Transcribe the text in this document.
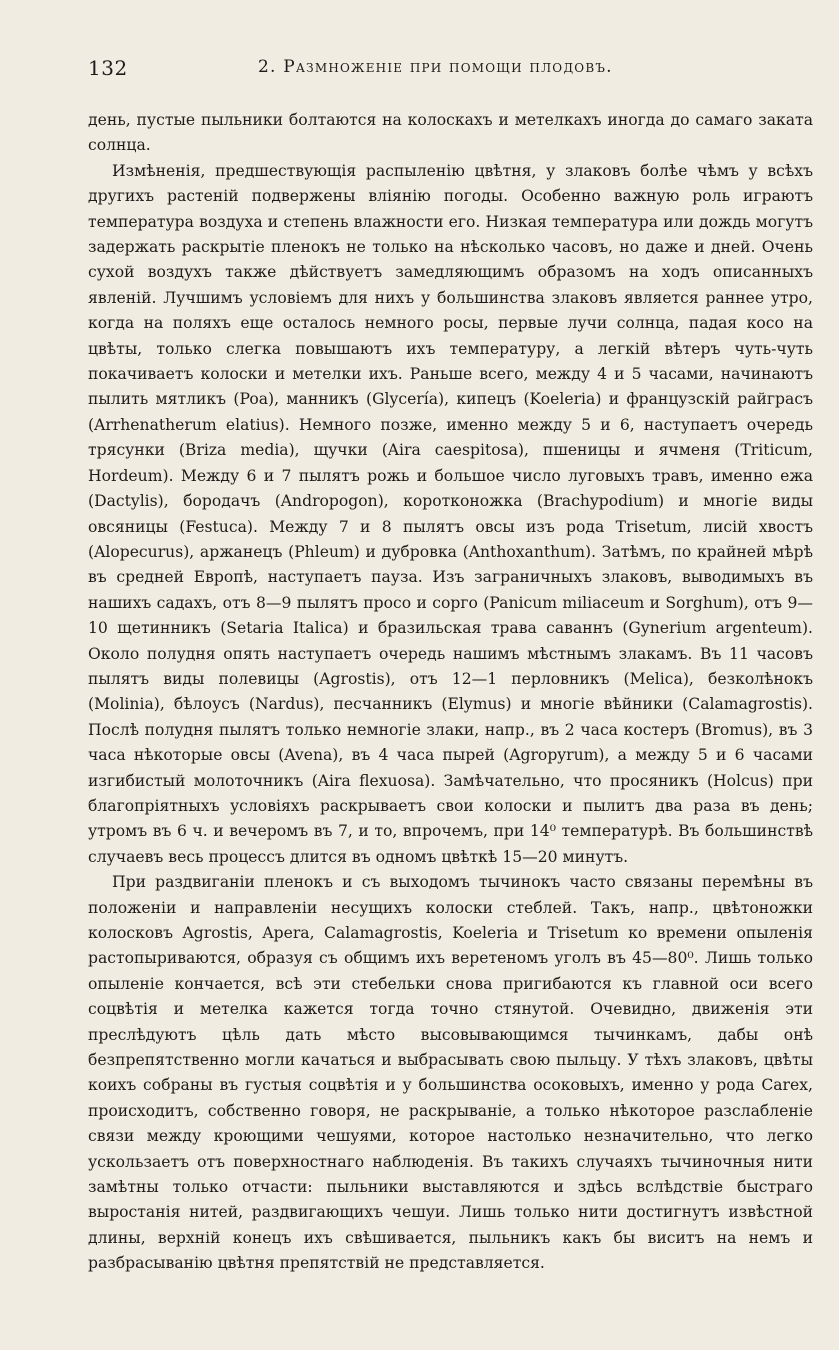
132	2. Размноженіе при помощи плодовъ.

день, пустые пыльники болтаются на колоскахъ и метелкахъ иногда до самаго заката солнца.

Измѣненія, предшествующія распыленію цвѣтня, у злаковъ болѣе чѣмъ у всѣхъ другихъ растеній подвержены вліянію погоды. Особенно важную роль играютъ температура воздуха и степень влажности его. Низкая температура или дождь могутъ задержать раскрытіе пленокъ не только на нѣсколько часовъ, но даже и дней. Очень сухой воздухъ также дѣйствуетъ замедляющимъ образомъ на ходъ описанныхъ явленій. Лучшимъ условіемъ для нихъ у большинства злаковъ является раннее утро, когда на поляхъ еще осталось немного росы, первые лучи солнца, падая косо на цвѣты, только слегка повышаютъ ихъ температуру, а легкій вѣтеръ чуть-чуть покачиваетъ колоски и метелки ихъ. Раньше всего, между 4 и 5 часами, начинаютъ пылить мятликъ (Poa), манникъ (Glycería), кипецъ (Koeleria) и французскій райграсъ (Arrhenatherum elatius). Немного позже, именно между 5 и 6, наступаетъ очередь трясунки (Briza media), щучки (Aira caespitosa), пшеницы и ячменя (Triticum, Hordeum). Между 6 и 7 пылятъ рожь и большое число луговыхъ травъ, именно ежа (Dactylis), бородачъ (Andropogon), коротконожка (Brachypodium) и многіе виды овсяницы (Festuca). Между 7 и 8 пылятъ овсы изъ рода Trisetum, лисій хвостъ (Alopecurus), аржанецъ (Phleum) и дубровка (Anthoxanthum). Затѣмъ, по крайней мѣрѣ въ средней Европѣ, наступаетъ пауза. Изъ заграничныхъ злаковъ, выводимыхъ въ нашихъ садахъ, отъ 8—9 пылятъ просо и сорго (Panicum miliaceum и Sorghum), отъ 9—10 щетинникъ (Setaria Italica) и бразильская трава саваннъ (Gynerium argenteum). Около полудня опять наступаетъ очередь нашимъ мѣстнымъ злакамъ. Въ 11 часовъ пылятъ виды полевицы (Agrostis), отъ 12—1 перловникъ (Melica), безколѣнокъ (Molinia), бѣлоусъ (Nardus), песчанникъ (Elymus) и многіе вѣйники (Calamagrostis). Послѣ полудня пылятъ только немногіе злаки, напр., въ 2 часа костеръ (Bromus), въ 3 часа нѣкоторые овсы (Avena), въ 4 часа пырей (Agropyrum), а между 5 и 6 часами изгибистый молоточникъ (Aira flexuosa). Замѣчательно, что просяникъ (Holcus) при благопріятныхъ условіяхъ раскрываетъ свои колоски и пылитъ два раза въ день; утромъ въ 6 ч. и вечеромъ въ 7, и то, впрочемъ, при 14⁰ температурѣ. Въ большинствѣ случаевъ весь процессъ длится въ одномъ цвѣткѣ 15—20 минутъ.

При раздвиганіи пленокъ и съ выходомъ тычинокъ часто связаны перемѣны въ положеніи и направленіи несущихъ колоски стеблей. Такъ, напр., цвѣтоножки колосковъ Agrostis, Apera, Calamagrostis, Koeleria и Trisetum ко времени опыленія растопыриваются, образуя съ общимъ ихъ веретеномъ уголъ въ 45—80⁰. Лишь только опыленіе кончается, всѣ эти стебельки снова пригибаются къ главной оси всего соцвѣтія и метелка кажется тогда точно стянутой. Очевидно, движенія эти преслѣдуютъ цѣль дать мѣсто высовывающимся тычинкамъ, дабы онѣ безпрепятственно могли качаться и выбрасывать свою пыльцу. У тѣхъ злаковъ, цвѣты коихъ собраны въ густыя соцвѣтія и у большинства осоковыхъ, именно у рода Carex, происходитъ, собственно говоря, не раскрываніе, а только нѣкоторое разслабленіе связи между кроющими чешуями, которое настолько незначительно, что легко ускользаетъ отъ поверхностнаго наблюденія. Въ такихъ случаяхъ тычиночныя нити замѣтны только отчасти: пыльники выставляются и здѣсь вслѣдствіе быстраго выростанія нитей, раздвигающихъ чешуи. Лишь только нити достигнутъ извѣстной длины, верхній конецъ ихъ свѣшивается, пыльникъ какъ бы виситъ на немъ и разбрасыванію цвѣтня препятствій не представляется.
